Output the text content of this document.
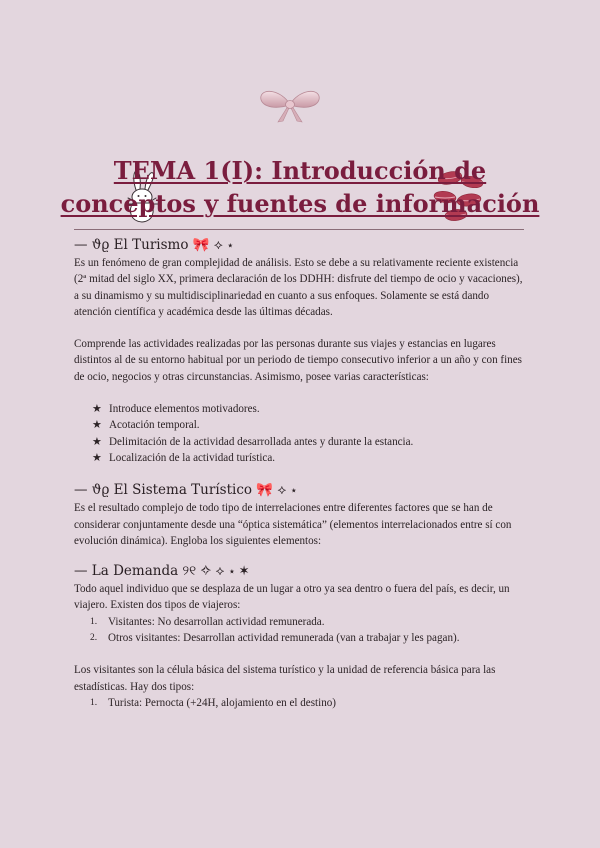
TEMA 1(I): Introducción de conceptos y fuentes de información
— ϑϱ El Turismo 🎀 ⟡ ⋆

Es un fenómeno de gran complejidad de análisis. Esto se debe a su relativamente reciente existencia (2ª mitad del siglo XX, primera declaración de los DDHH: disfrute del tiempo de ocio y vacaciones), a su dinamismo y su multidisciplinariedad en cuanto a sus enfoques. Solamente se está dando atención científica y académica desde las últimas décadas.

Comprende las actividades realizadas por las personas durante sus viajes y estancias en lugares distintos al de su entorno habitual por un periodo de tiempo consecutivo inferior a un año y con fines de ocio, negocios y otras circunstancias. Asimismo, posee varias características:

★ Introduce elementos motivadores.
★ Acotación temporal.
★ Delimitación de la actividad desarrollada antes y durante la estancia.
★ Localización de la actividad turística.
— ϑϱ El Sistema Turístico 🎀 ⟡ ⋆

Es el resultado complejo de todo tipo de interrelaciones entre diferentes factores que se han de considerar conjuntamente desde una “óptica sistemática” (elementos interrelacionados entre sí con evolución dinámica). Engloba los siguientes elementos:

— La Demanda ୨୧ ✧ ⟡ ⋆ ✶

Todo aquel individuo que se desplaza de un lugar a otro ya sea dentro o fuera del país, es decir, un viajero. Existen dos tipos de viajeros:

1. Visitantes: No desarrollan actividad remunerada.
2. Otros visitantes: Desarrollan actividad remunerada (van a trabajar y les pagan).

Los visitantes son la célula básica del sistema turístico y la unidad de referencia básica para las estadísticas. Hay dos tipos:

1. Turista: Pernocta (+24H, alojamiento en el destino)
